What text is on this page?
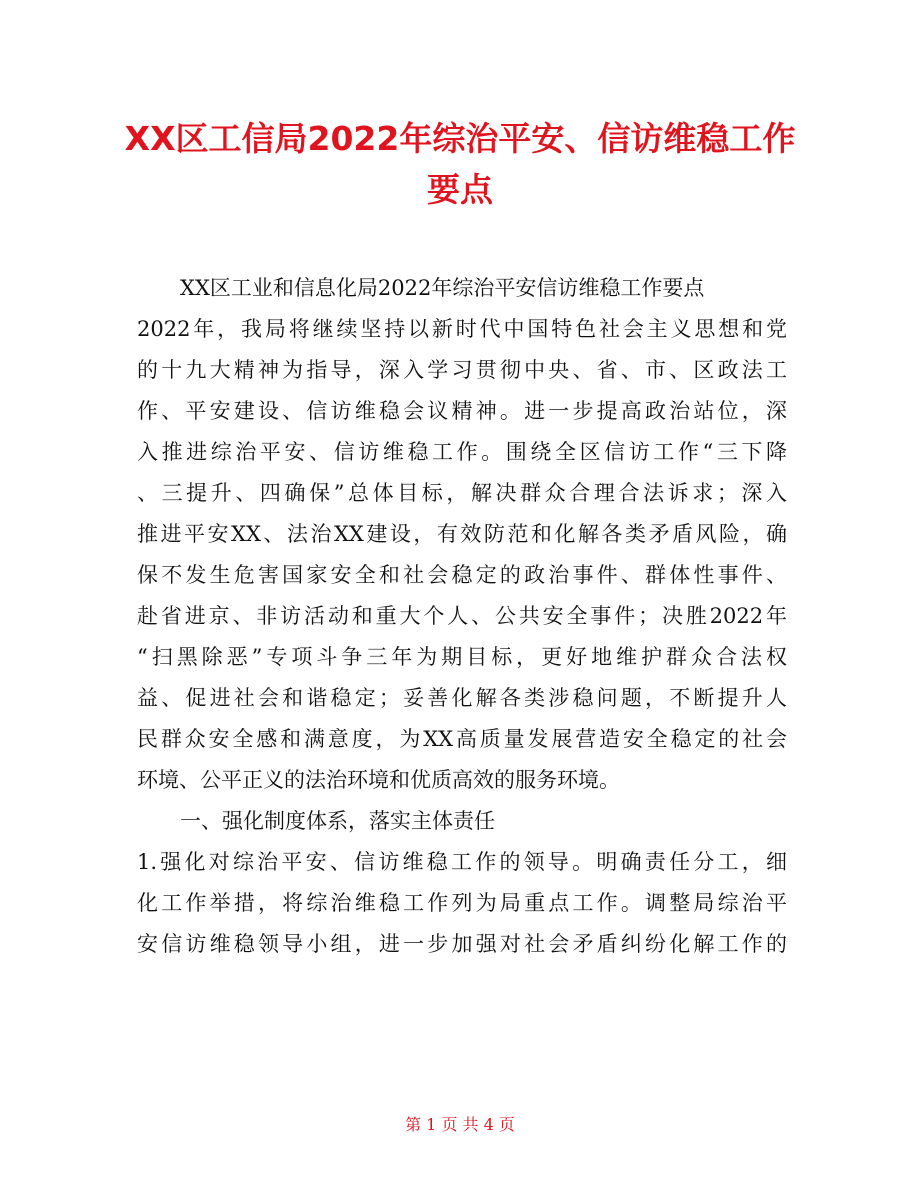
XX区工信局2022年综治平安、信访维稳工作
要点
XX区工业和信息化局2022年综治平安信访维稳工作要点
2022年，我局将继续坚持以新时代中国特色社会主义思想和党
的十九大精神为指导，深入学习贯彻中央、省、市、区政法工
作、平安建设、信访维稳会议精神。进一步提高政治站位，深
入推进综治平安、信访维稳工作。围绕全区信访工作“三下降
、三提升、四确保”总体目标，解决群众合理合法诉求；深入
推进平安XX、法治XX建设，有效防范和化解各类矛盾风险，确
保不发生危害国家安全和社会稳定的政治事件、群体性事件、
赴省进京、非访活动和重大个人、公共安全事件；决胜2022年
“扫黑除恶”专项斗争三年为期目标，更好地维护群众合法权
益、促进社会和谐稳定；妥善化解各类涉稳问题，不断提升人
民群众安全感和满意度，为XX高质量发展营造安全稳定的社会
环境、公平正义的法治环境和优质高效的服务环境。
一、强化制度体系，落实主体责任
1.强化对综治平安、信访维稳工作的领导。明确责任分工，细
化工作举措，将综治维稳工作列为局重点工作。调整局综治平
安信访维稳领导小组，进一步加强对社会矛盾纠纷化解工作的
第 1 页 共 4 页
